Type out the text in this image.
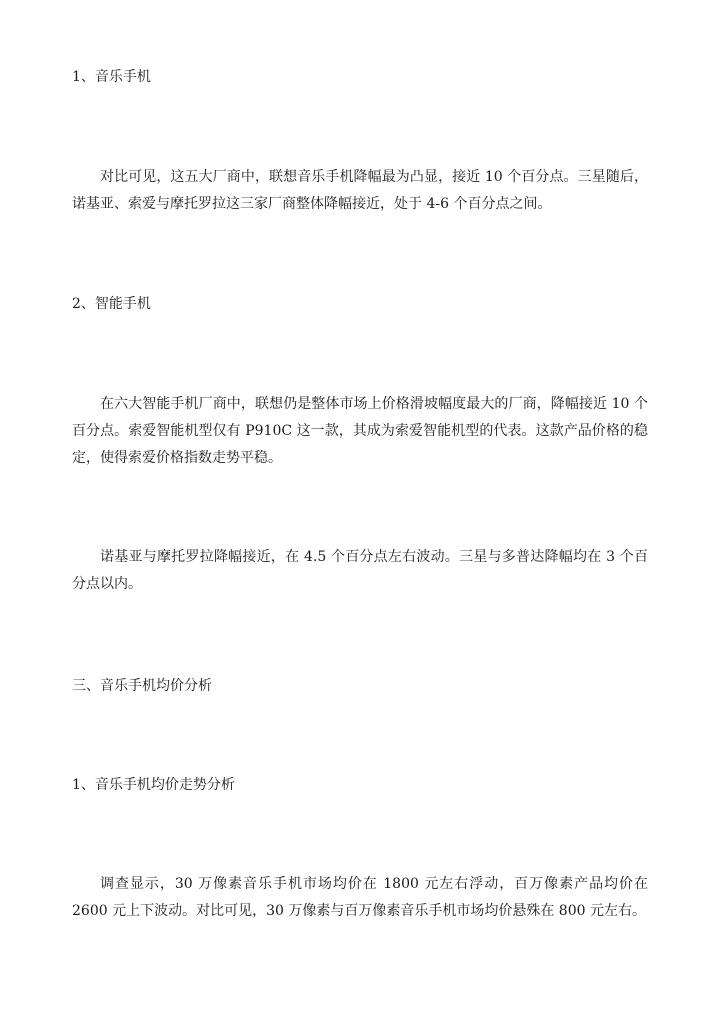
1、音乐手机

对比可见，这五大厂商中，联想音乐手机降幅最为凸显，接近 10 个百分点。三星随后，诺基亚、索爱与摩托罗拉这三家厂商整体降幅接近，处于 4-6 个百分点之间。

2、智能手机

在六大智能手机厂商中，联想仍是整体市场上价格滑坡幅度最大的厂商，降幅接近 10 个百分点。索爱智能机型仅有 P910C 这一款，其成为索爱智能机型的代表。这款产品价格的稳定，使得索爱价格指数走势平稳。

诺基亚与摩托罗拉降幅接近，在 4.5 个百分点左右波动。三星与多普达降幅均在 3 个百分点以内。

三、音乐手机均价分析
1、音乐手机均价走势分析

调查显示，30 万像素音乐手机市场均价在 1800 元左右浮动，百万像素产品均价在 2600 元上下波动。对比可见，30 万像素与百万像素音乐手机市场均价悬殊在 800 元左右。
